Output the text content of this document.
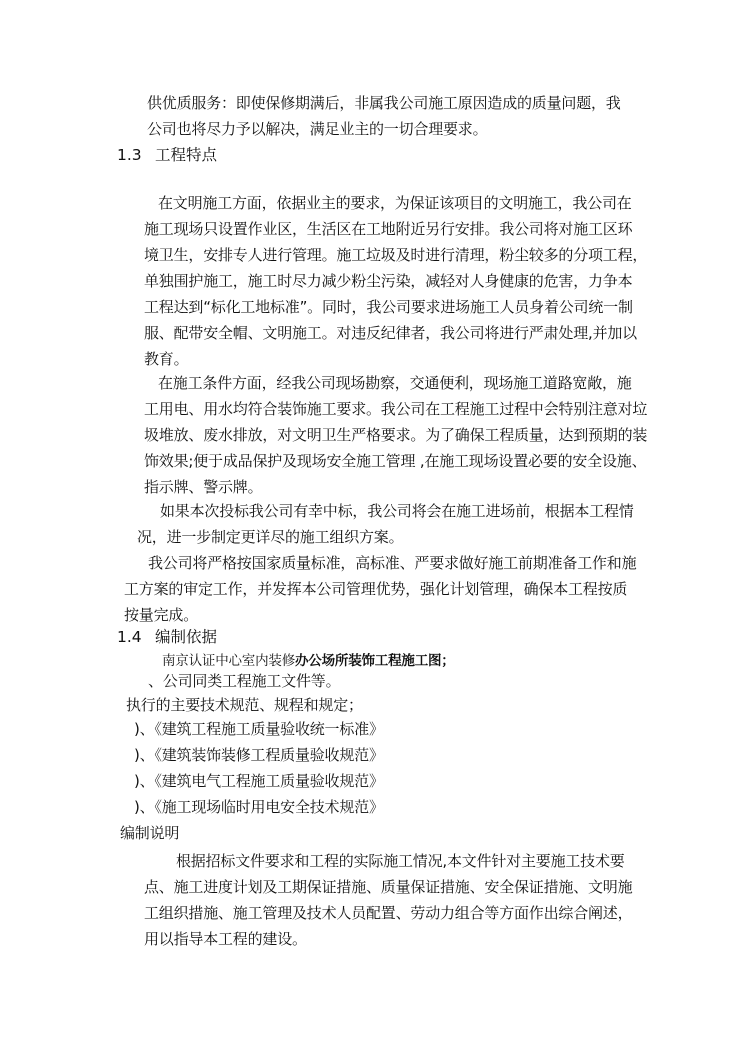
供优质服务：即使保修期满后，非属我公司施工原因造成的质量问题，我
公司也将尽力予以解决，满足业主的一切合理要求。
1.3 工程特点
在文明施工方面，依据业主的要求，为保证该项目的文明施工，我公司在
施工现场只设置作业区，生活区在工地附近另行安排。我公司将对施工区环
境卫生，安排专人进行管理。施工垃圾及时进行清理，粉尘较多的分项工程，
单独围护施工，施工时尽力减少粉尘污染，减轻对人身健康的危害，力争本
工程达到“标化工地标准”。同时，我公司要求进场施工人员身着公司统一制
服、配带安全帽、文明施工。对违反纪律者，我公司将进行严肃处理,并加以
教育。
在施工条件方面，经我公司现场勘察，交通便利，现场施工道路宽敞，施
工用电、用水均符合装饰施工要求。我公司在工程施工过程中会特别注意对垃
圾堆放、废水排放，对文明卫生严格要求。为了确保工程质量，达到预期的装
饰效果;便于成品保护及现场安全施工管理 ,在施工现场设置必要的安全设施、
指示牌、警示牌。
如果本次投标我公司有幸中标，我公司将会在施工进场前，根据本工程情
况，进一步制定更详尽的施工组织方案。
我公司将严格按国家质量标准，高标准、严要求做好施工前期准备工作和施
工方案的审定工作，并发挥本公司管理优势，强化计划管理，确保本工程按质
按量完成。
1.4 编制依据
南京认证中心室内装修办公场所装饰工程施工图；
、公司同类工程施工文件等。
执行的主要技术规范、规程和规定；
)、《建筑工程施工质量验收统一标准》
)、《建筑装饰装修工程质量验收规范》
)、《建筑电气工程施工质量验收规范》
)、《施工现场临时用电安全技术规范》
编制说明
根据招标文件要求和工程的实际施工情况,本文件针对主要施工技术要
点、施工进度计划及工期保证措施、质量保证措施、安全保证措施、文明施
工组织措施、施工管理及技术人员配置、劳动力组合等方面作出综合阐述，
用以指导本工程的建设。
